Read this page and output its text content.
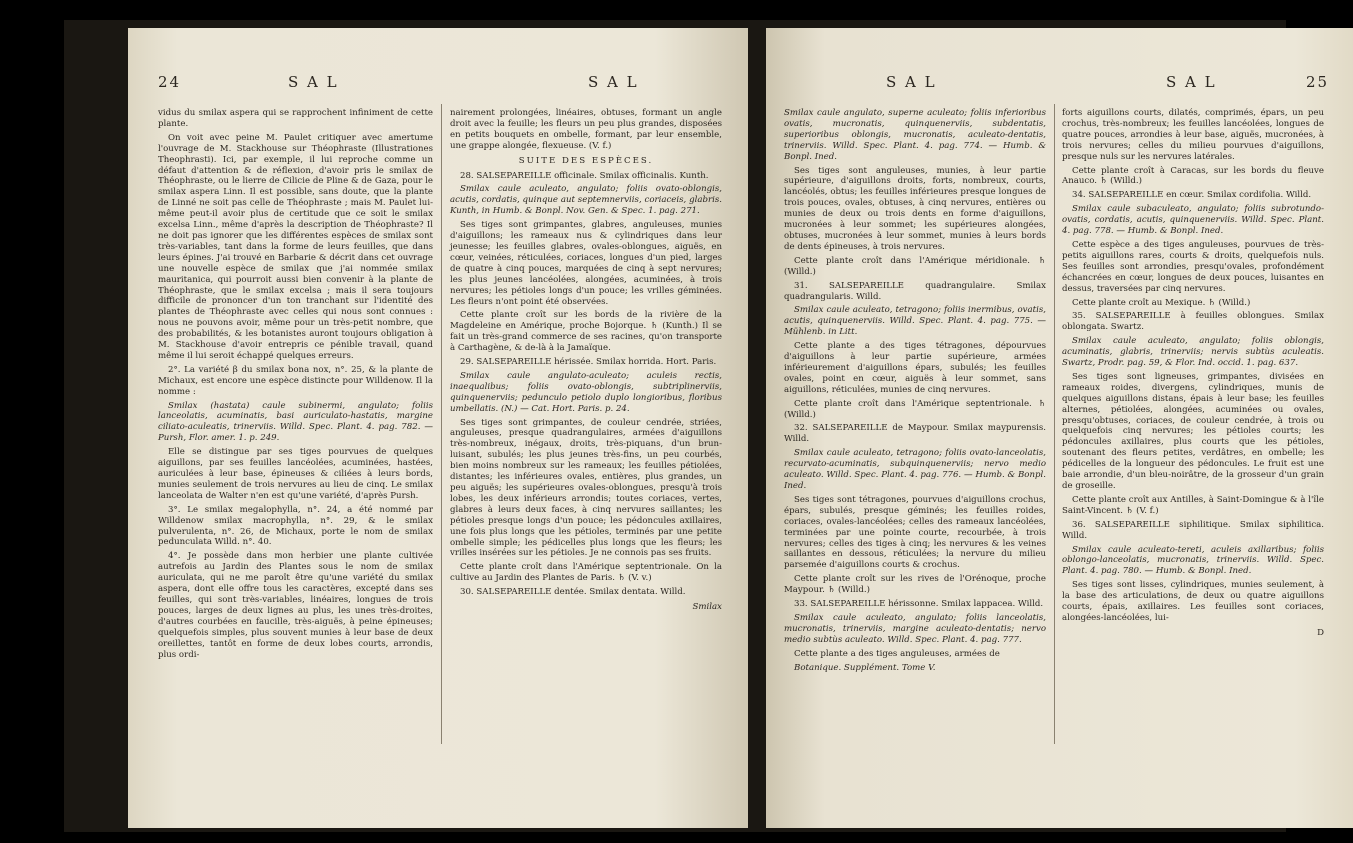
24	S A L	S A L

vidus du smilax aspera qui se rapprochent infiniment de cette plante.

On voit avec peine M. Paulet critiquer avec amertume l'ouvrage de M. Stackhouse sur Théophraste (Illustrationes Theophrasti). Ici, par exemple, il lui reproche comme un défaut d'attention & de réflexion, d'avoir pris le smilax de Théophraste, ou le lierre de Cilicie de Pline & de Gaza, pour le smilax aspera Linn. Il est possible, sans doute, que la plante de Linné ne soit pas celle de Théophraste ; mais M. Paulet lui-même peut-il avoir plus de certitude que ce soit le smilax excelsa Linn., même d'après la description de Théophraste? Il ne doit pas ignorer que les différentes espèces de smilax sont très-variables, tant dans la forme de leurs feuilles, que dans leurs épines. J'ai trouvé en Barbarie & décrit dans cet ouvrage une nouvelle espèce de smilax que j'ai nommée smilax mauritanica, qui pourroit aussi bien convenir à la plante de Théophraste, que le smilax excelsa ; mais il sera toujours difficile de prononcer d'un ton tranchant sur l'identité des plantes de Théophraste avec celles qui nous sont connues : nous ne pouvons avoir, même pour un très-petit nombre, que des probabilités, & les botanistes auront toujours obligation à M. Stackhouse d'avoir entrepris ce pénible travail, quand même il lui seroit échappé quelques erreurs.

2°. La variété β du smilax bona nox, n°. 25, & la plante de Michaux, est encore une espèce distincte pour Willdenow. Il la nomme :

Smilax (hastata) caule subinermi, angulato; foliis lanceolatis, acuminatis, basi auriculato-hastatis, margine ciliato-aculeatis, trinerviis. Willd. Spec. Plant. 4. pag. 782. — Pursh, Flor. amer. 1. p. 249.

Elle se distingue par ses tiges pourvues de quelques aiguillons, par ses feuilles lancéolées, acuminées, hastées, auriculées à leur base, épineuses & ciliées à leurs bords, munies seulement de trois nervures au lieu de cinq. Le smilax lanceolata de Walter n'en est qu'une variété, d'après Pursh.

3°. Le smilax megalophylla, n°. 24, a été nommé par Willdenow smilax macrophylla, n°. 29, & le smilax pulverulenta, n°. 26, de Michaux, porte le nom de smilax pedunculata Willd. n°. 40.

4°. Je possède dans mon herbier une plante cultivée autrefois au Jardin des Plantes sous le nom de smilax auriculata, qui ne me paroît être qu'une variété du smilax aspera, dont elle offre tous les caractères, excepté dans ses feuilles, qui sont très-variables, linéaires, longues de trois pouces, larges de deux lignes au plus, les unes très-droites, d'autres courbées en faucille, très-aiguës, à peine épineuses; quelquefois simples, plus souvent munies à leur base de deux oreillettes, tantôt en forme de deux lobes courts, arrondis, plus ordi-

nairement prolongées, linéaires, obtuses, formant un angle droit avec la feuille; les fleurs un peu plus grandes, disposées en petits bouquets en ombelle, formant, par leur ensemble, une grappe alongée, flexueuse. (V. f.)

SUITE DES ESPÈCES.

28. SALSEPAREILLE officinale. Smilax officinalis. Kunth.

Smilax caule aculeato, angulato; foliis ovato-oblongis, acutis, cordatis, quinque aut septemnerviis, coriaceis, glabris. Kunth, in Humb. & Bonpl. Nov. Gen. & Spec. 1. pag. 271.

Ses tiges sont grimpantes, glabres, anguleuses, munies d'aiguillons; les rameaux nus & cylindriques dans leur jeunesse; les feuilles glabres, ovales-oblongues, aiguës, en cœur, veinées, réticulées, coriaces, longues d'un pied, larges de quatre à cinq pouces, marquées de cinq à sept nervures; les plus jeunes lancéolées, alongées, acuminées, à trois nervures; les pétioles longs d'un pouce; les vrilles géminées. Les fleurs n'ont point été observées.

Cette plante croît sur les bords de la rivière de la Magdeleine en Amérique, proche Bojorque. ♄ (Kunth.) Il se fait un très-grand commerce de ses racines, qu'on transporte à Carthagène, & de-là à la Jamaïque.

29. SALSEPAREILLE hérissée. Smilax horrida. Hort. Paris.

Smilax caule angulato-aculeato; aculeis rectis, inaequalibus; foliis ovato-oblongis, subtriplinerviis, quinquenerviis; pedunculo petiolo duplo longioribus, floribus umbellatis. (N.) — Cat. Hort. Paris. p. 24.

Ses tiges sont grimpantes, de couleur cendrée, striées, anguleuses, presque quadrangulaires, armées d'aiguillons très-nombreux, inégaux, droits, très-piquans, d'un brun-luisant, subulés; les plus jeunes très-fins, un peu courbés, bien moins nombreux sur les rameaux; les feuilles pétiolées, distantes; les inférieures ovales, entières, plus grandes, un peu aiguës; les supérieures ovales-oblongues, presqu'à trois lobes, les deux inférieurs arrondis; toutes coriaces, vertes, glabres à leurs deux faces, à cinq nervures saillantes; les pétioles presque longs d'un pouce; les pédoncules axillaires, une fois plus longs que les pétioles, terminés par une petite ombelle simple; les pédicelles plus longs que les fleurs; les vrilles insérées sur les pétioles. Je ne connois pas ses fruits.

Cette plante croît dans l'Amérique septentrionale. On la cultive au Jardin des Plantes de Paris. ♄ (V. v.)

30. SALSEPAREILLE dentée. Smilax dentata. Willd.

Smilax

S A L	S A L	25

Smilax caule angulato, superne aculeato; foliis inferioribus ovatis, mucronatis, quinquenerviis, subdentatis, superioribus oblongis, mucronatis, aculeato-dentatis, trinerviis. Willd. Spec. Plant. 4. pag. 774. — Humb. & Bonpl. Ined.

Ses tiges sont anguleuses, munies, à leur partie supérieure, d'aiguillons droits, forts, nombreux, courts, lancéolés, obtus; les feuilles inférieures presque longues de trois pouces, ovales, obtuses, à cinq nervures, entières ou munies de deux ou trois dents en forme d'aiguillons, mucronées à leur sommet; les supérieures alongées, obtuses, mucronées à leur sommet, munies à leurs bords de dents épineuses, à trois nervures.

Cette plante croît dans l'Amérique méridionale. ♄ (Willd.)

31. SALSEPAREILLE quadrangulaire. Smilax quadrangularis. Willd.

Smilax caule aculeato, tetragono; foliis inermibus, ovatis, acutis, quinquenerviis. Willd. Spec. Plant. 4. pag. 775. — Mühlenb. in Litt.

Cette plante a des tiges tétragones, dépourvues d'aiguillons à leur partie supérieure, armées inférieurement d'aiguillons épars, subulés; les feuilles ovales, point en cœur, aiguës à leur sommet, sans aiguillons, réticulées, munies de cinq nervures.

Cette plante croît dans l'Amérique septentrionale. ♄ (Willd.)

32. SALSEPAREILLE de Maypour. Smilax maypurensis. Willd.

Smilax caule aculeato, tetragono; foliis ovato-lanceolatis, recurvato-acuminatis, subquinquenerviis; nervo medio aculeato. Willd. Spec. Plant. 4. pag. 776. — Humb. & Bonpl. Ined.

Ses tiges sont tétragones, pourvues d'aiguillons crochus, épars, subulés, presque géminés; les feuilles roides, coriaces, ovales-lancéolées; celles des rameaux lancéolées, terminées par une pointe courte, recourbée, à trois nervures; celles des tiges à cinq; les nervures & les veines saillantes en dessous, réticulées; la nervure du milieu parsemée d'aiguillons courts & crochus.

Cette plante croît sur les rives de l'Orénoque, proche Maypour. ♄ (Willd.)

33. SALSEPAREILLE hérissonne. Smilax lappacea. Willd.

Smilax caule aculeato, angulato; foliis lanceolatis, mucronatis, trinerviis, margine aculeato-dentatis; nervo medio subtùs aculeato. Willd. Spec. Plant. 4. pag. 777.

Cette plante a des tiges anguleuses, armées de

Botanique. Supplément. Tome V.

forts aiguillons courts, dilatés, comprimés, épars, un peu crochus, très-nombreux; les feuilles lancéolées, longues de quatre pouces, arrondies à leur base, aiguës, mucronées, à trois nervures; celles du milieu pourvues d'aiguillons, presque nuls sur les nervures latérales.

Cette plante croît à Caracas, sur les bords du fleuve Anauco. ♄ (Willd.)

34. SALSEPAREILLE en cœur. Smilax cordifolia. Willd.

Smilax caule subaculeato, angulato; foliis subrotundo-ovatis, cordatis, acutis, quinquenerviis. Willd. Spec. Plant. 4. pag. 778. — Humb. & Bonpl. Ined.

Cette espèce a des tiges anguleuses, pourvues de très-petits aiguillons rares, courts & droits, quelquefois nuls. Ses feuilles sont arrondies, presqu'ovales, profondément échancrées en cœur, longues de deux pouces, luisantes en dessus, traversées par cinq nervures.

Cette plante croît au Mexique. ♄ (Willd.)

35. SALSEPAREILLE à feuilles oblongues. Smilax oblongata. Swartz.

Smilax caule aculeato, angulato; foliis oblongis, acuminatis, glabris, trinerviis; nervis subtùs aculeatis. Swartz, Prodr. pag. 59, & Flor. Ind. occid. 1. pag. 637.

Ses tiges sont ligneuses, grimpantes, divisées en rameaux roides, divergens, cylindriques, munis de quelques aiguillons distans, épais à leur base; les feuilles alternes, pétiolées, alongées, acuminées ou ovales, presqu'obtuses, coriaces, de couleur cendrée, à trois ou quelquefois cinq nervures; les pétioles courts; les pédoncules axillaires, plus courts que les pétioles, soutenant des fleurs petites, verdâtres, en ombelle; les pédicelles de la longueur des pédoncules. Le fruit est une baie arrondie, d'un bleu-noirâtre, de la grosseur d'un grain de groseille.

Cette plante croît aux Antilles, à Saint-Domingue & à l'île Saint-Vincent. ♄ (V. f.)

36. SALSEPAREILLE siphilitique. Smilax siphilitica. Willd.

Smilax caule aculeato-tereti, aculeis axillaribus; foliis oblongo-lanceolatis, mucronatis, trinerviis. Willd. Spec. Plant. 4. pag. 780. — Humb. & Bonpl. Ined.

Ses tiges sont lisses, cylindriques, munies seulement, à la base des articulations, de deux ou quatre aiguillons courts, épais, axillaires. Les feuilles sont coriaces, alongées-lancéolées, lui-

D
